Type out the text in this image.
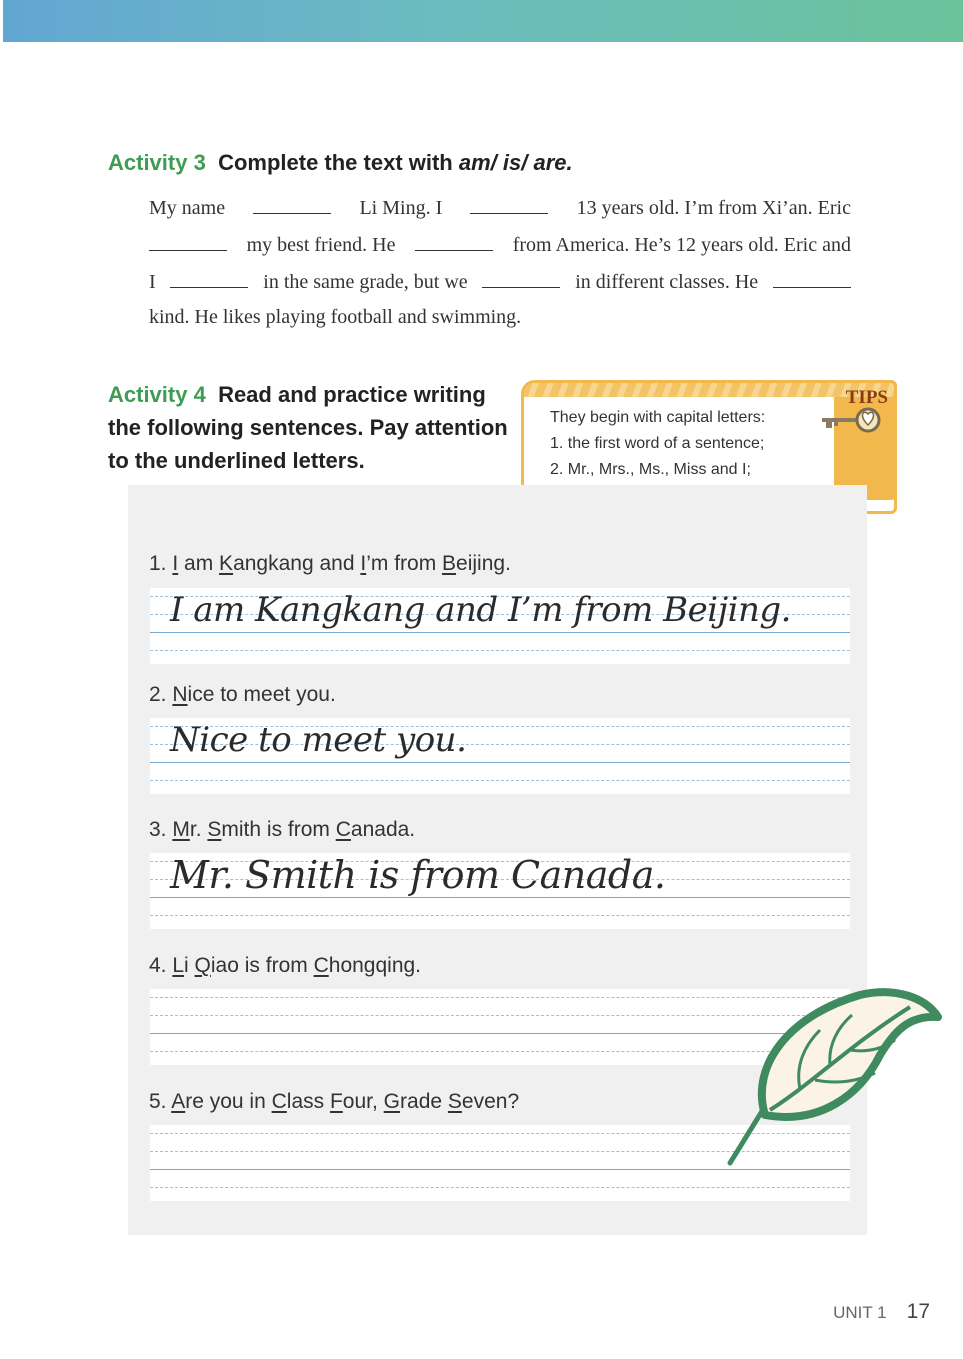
Activity 3 Complete the text with am/ is/ are.
My name	Li Ming. I	13 years old. I’m from Xi’an. Eric
my best friend. He	from America. He’s 12 years old. Eric and
I	in the same grade, but we	in different classes. He
kind. He likes playing football and swimming.
Activity 4 Read and practice writing the following sentences. Pay attention to the underlined letters.
TIPS
They begin with capital letters:
1. the first word of a sentence;
2. Mr., Mrs., Ms., Miss and I;
1. I am Kangkang and I’m from Beijing.
I am Kangkang and I’m from Beijing.
2. Nice to meet you.
Nice to meet you.
3. Mr. Smith is from Canada.
Mr. Smith is from Canada.
4. Li Qiao is from Chongqing.
5. Are you in Class Four, Grade Seven?
UNIT 1 17
